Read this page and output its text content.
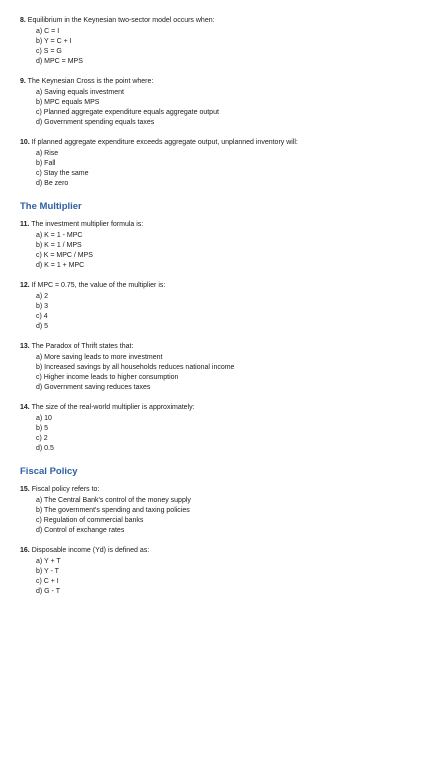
8. Equilibrium in the Keynesian two-sector model occurs when:
a) C = I
b) Y = C + I
c) S = G
d) MPC = MPS
9. The Keynesian Cross is the point where:
a) Saving equals investment
b) MPC equals MPS
c) Planned aggregate expenditure equals aggregate output
d) Government spending equals taxes
10. If planned aggregate expenditure exceeds aggregate output, unplanned inventory will:
a) Rise
b) Fall
c) Stay the same
d) Be zero
The Multiplier
11. The investment multiplier formula is:
a) K = 1 - MPC
b) K = 1 / MPS
c) K = MPC / MPS
d) K = 1 + MPC
12. If MPC = 0.75, the value of the multiplier is:
a) 2
b) 3
c) 4
d) 5
13. The Paradox of Thrift states that:
a) More saving leads to more investment
b) Increased savings by all households reduces national income
c) Higher income leads to higher consumption
d) Government saving reduces taxes
14. The size of the real-world multiplier is approximately:
a) 10
b) 5
c) 2
d) 0.5
Fiscal Policy
15. Fiscal policy refers to:
a) The Central Bank's control of the money supply
b) The government's spending and taxing policies
c) Regulation of commercial banks
d) Control of exchange rates
16. Disposable income (Yd) is defined as:
a) Y + T
b) Y - T
c) C + I
d) G - T
